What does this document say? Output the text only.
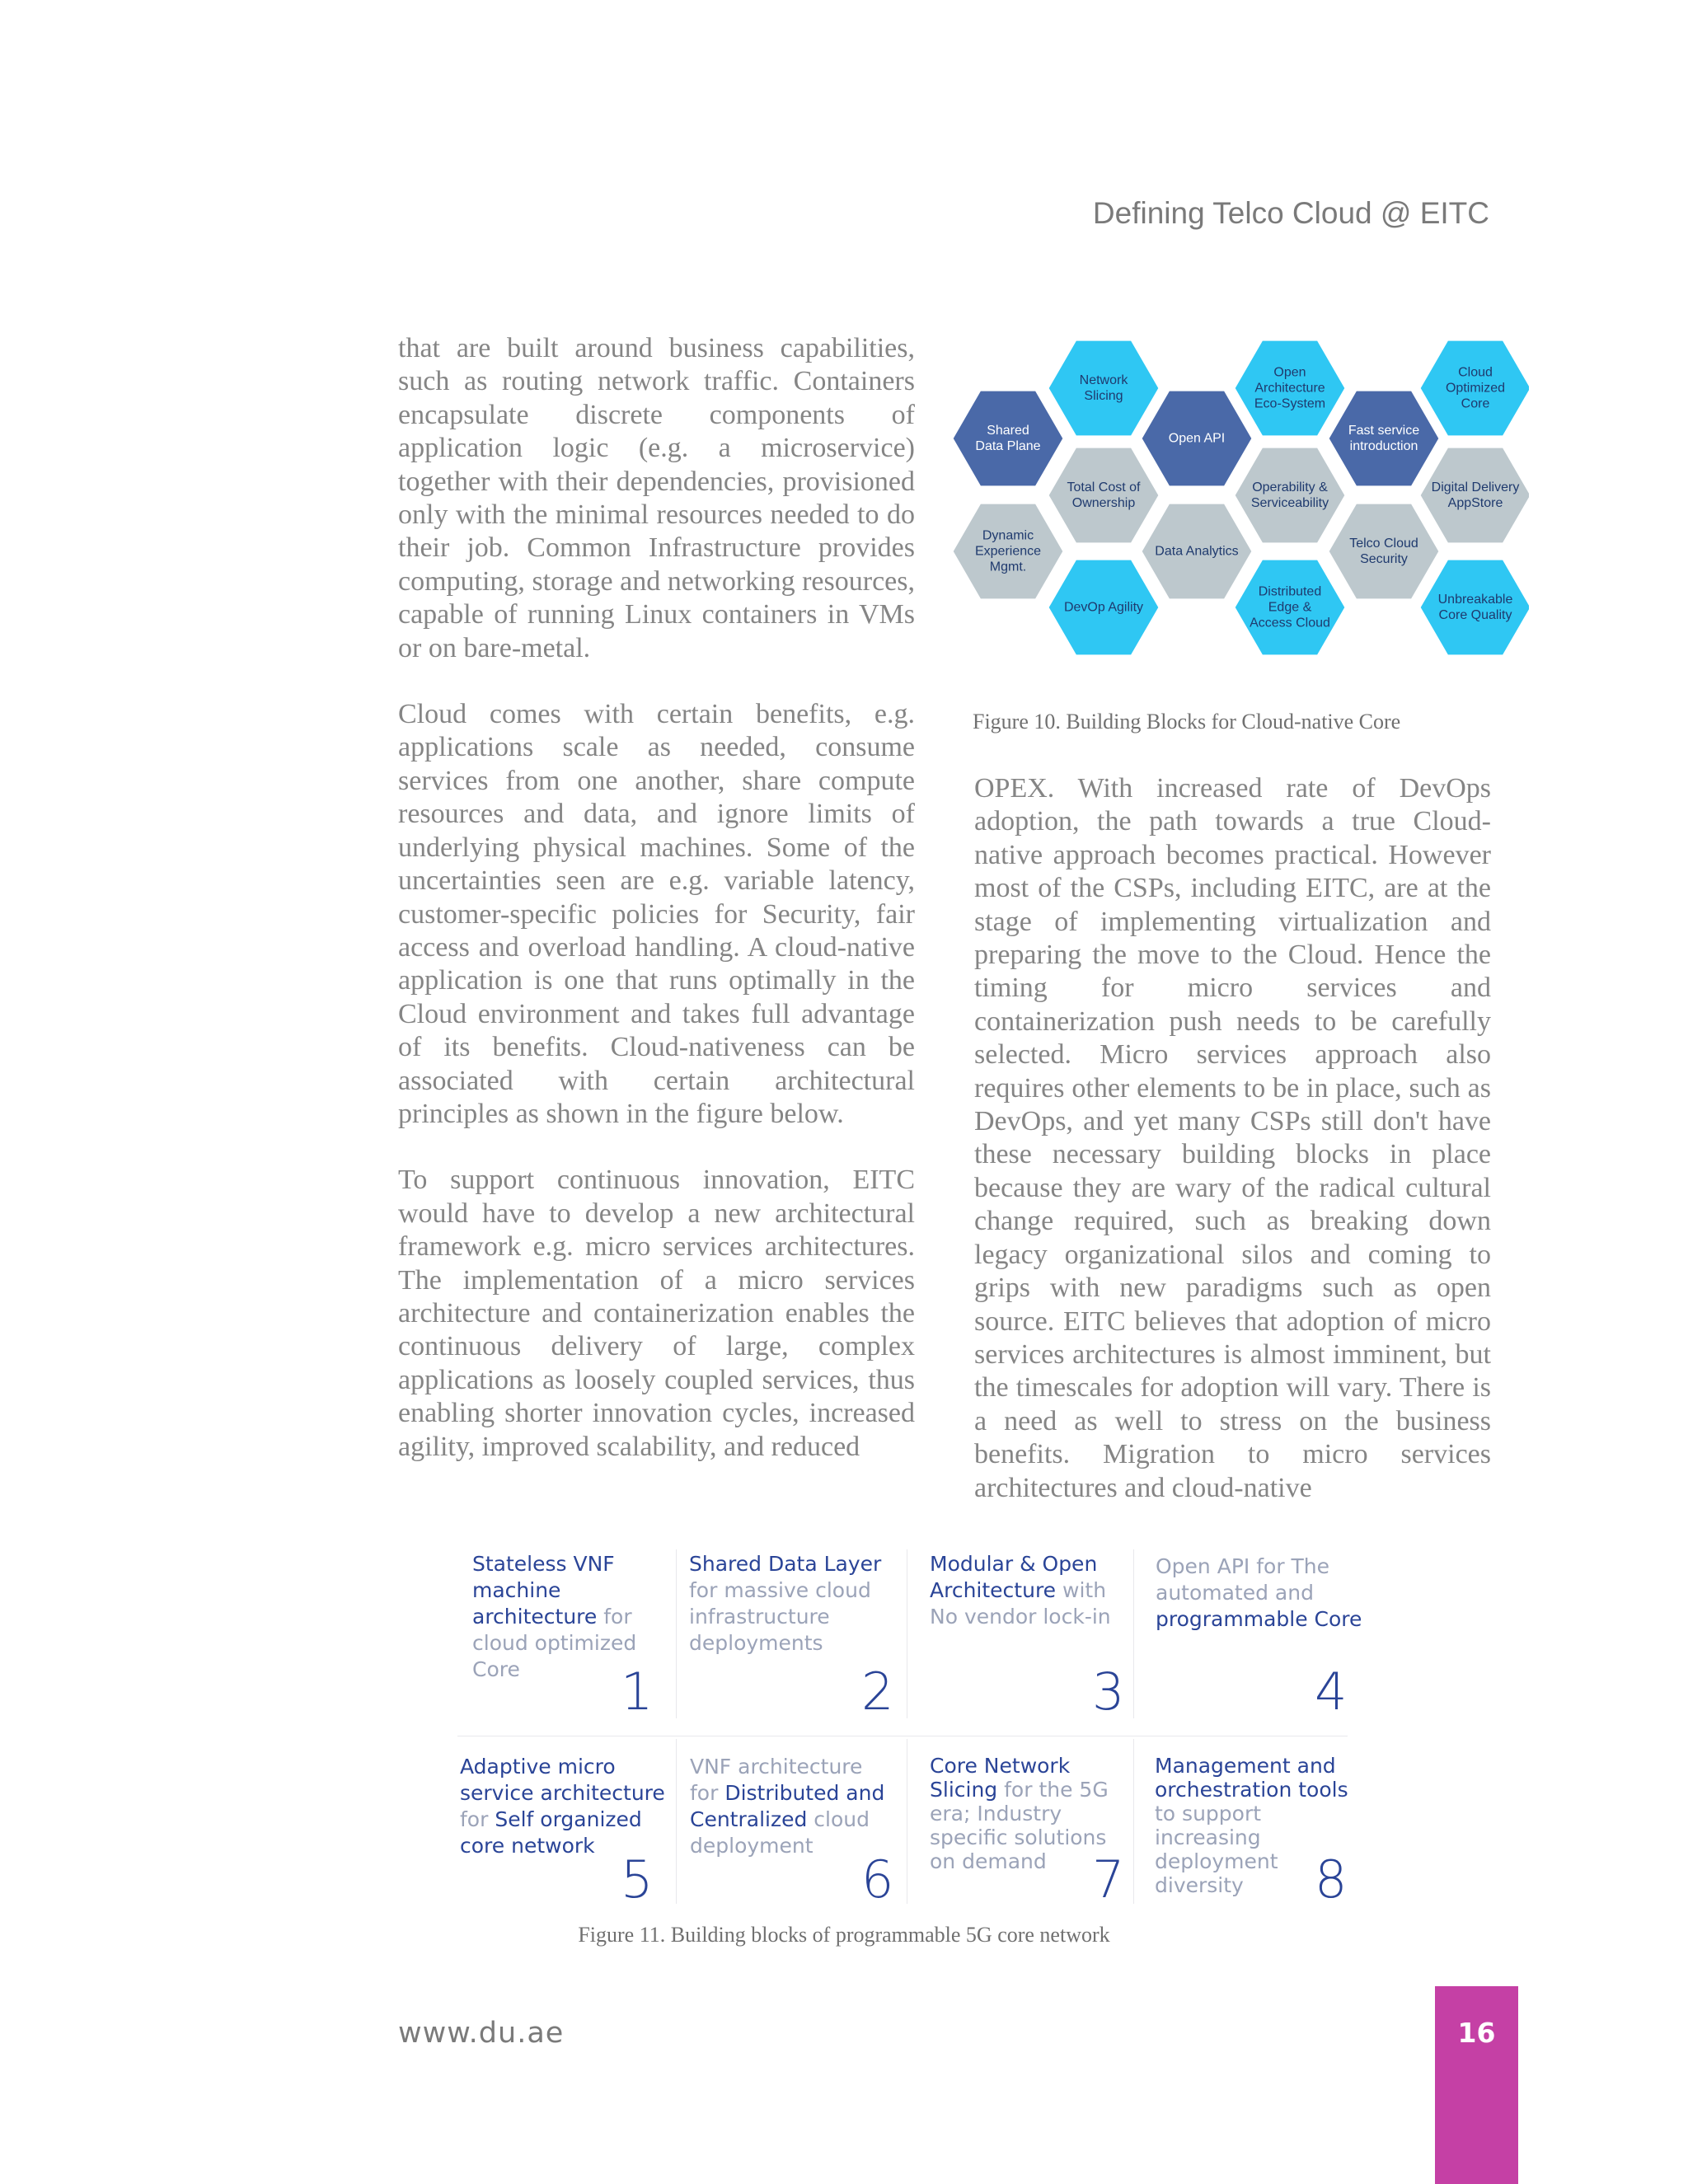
Defining Telco Cloud @ EITC

that are built around business capabilities, such as routing network traffic. Containers encapsulate discrete components of application logic (e.g. a microservice) together with their dependencies, provisioned only with the minimal resources needed to do their job. Common Infrastructure provides computing, storage and networking resources, capable of running Linux containers in VMs or on bare-metal.

Cloud comes with certain benefits, e.g. applications scale as needed, consume services from one another, share compute resources and data, and ignore limits of underlying physical machines. Some of the uncertainties seen are e.g. variable latency, customer-specific policies for Security, fair access and overload handling. A cloud-native application is one that runs optimally in the Cloud environment and takes full advantage of its benefits. Cloud-nativeness can be associated with certain architectural principles as shown in the figure below.

To support continuous innovation, EITC would have to develop a new architectural framework e.g. micro services architectures. The implementation of a micro services architecture and containerization enables the continuous delivery of large, complex applications as loosely coupled services, thus enabling shorter innovation cycles, increased agility, improved scalability, and reduced

Shared
Data Plane
Dynamic
Experience
Mgmt.
Network
Slicing
Total Cost of
Ownership
DevOp Agility
Open API
Data Analytics
Open
Architecture
Eco-System
Operability &
Serviceability
Distributed
Edge &
Access Cloud
Fast service
introduction
Telco Cloud
Security
Cloud
Optimized
Core
Digital Delivery
AppStore
Unbreakable
Core Quality
Figure 10. Building Blocks for Cloud-native Core

OPEX. With increased rate of DevOps adoption, the path towards a true Cloud-native approach becomes practical. However most of the CSPs, including EITC, are at the stage of implementing virtualization and preparing the move to the Cloud. Hence the timing for micro services and containerization push needs to be carefully selected. Micro services approach also requires other elements to be in place, such as DevOps, and yet many CSPs still don't have these necessary building blocks in place because they are wary of the radical cultural change required, such as breaking down legacy organizational silos and coming to grips with new paradigms such as open source. EITC believes that adoption of micro services architectures is almost imminent, but the timescales for adoption will vary. There is a need as well to stress on the business benefits. Migration to micro services architectures and cloud-native

Stateless VNF machine architecture for cloud optimized Core	1
Shared Data Layer for massive cloud infrastructure deployments
2
Modular & Open Architecture with No vendor lock-in
3
Open API for The automated and programmable Core
4
Adaptive micro service architecture for Self organized core network
5
VNF architecture for Distributed and Centralized cloud deployment
6
Core Network Slicing for the 5G era; Industry specific solutions on demand 7
Management and orchestration tools to support increasing deployment diversity	8
Figure 11. Building blocks of programmable 5G core network
www.du.ae	16
